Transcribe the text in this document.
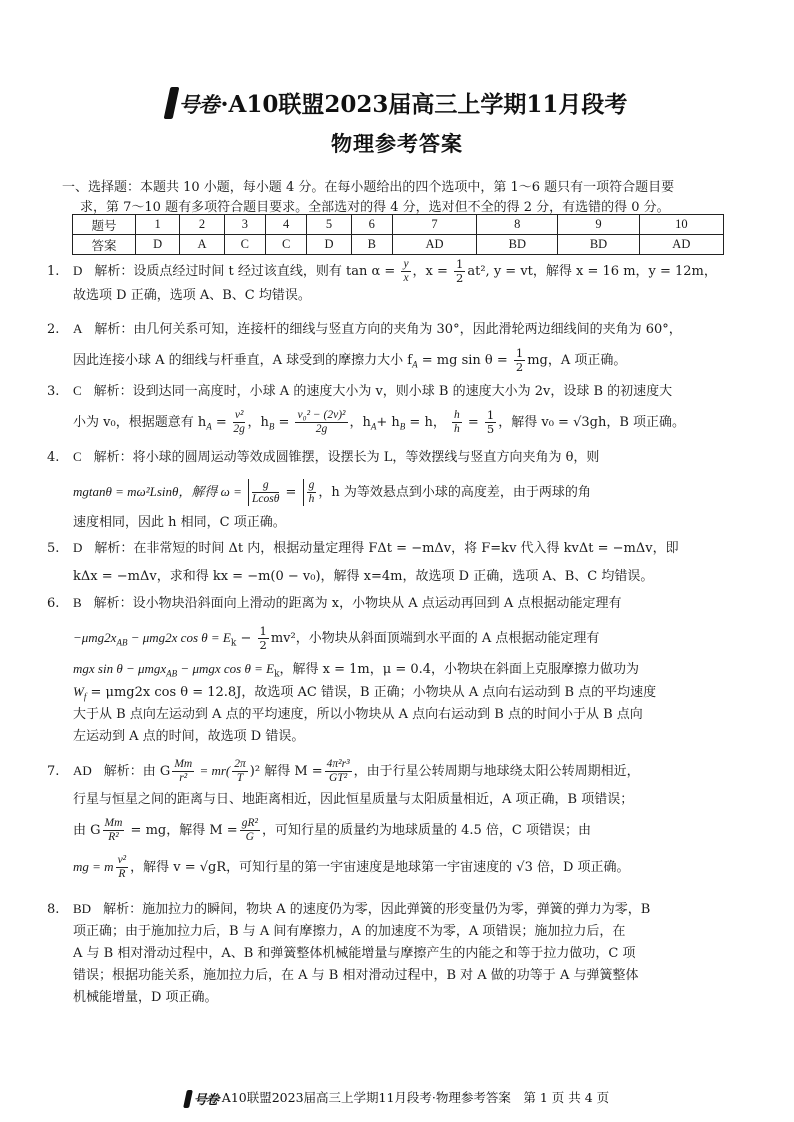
号卷 ·A10联盟2023届高三上学期11月段考
物理参考答案
一、选择题：本题共 10 小题，每小题 4 分。在每小题给出的四个选项中，第 1～6 题只有一项符合题目要
求，第 7～10 题有多项符合题目要求。全部选对的得 4 分，选对但不全的得 2 分，有选错的得 0 分。
题号	1	2	3	4	5	6	7	8	9	10
答案	D	A	C	C	D	B	AD	BD	BD	AD
1. D 解析：设质点经过时间 t 经过该直线，则有 $\tan \alpha = \frac{y}{x}$ ，$x = \frac{1}{2} at^2$, y = vt，解得 x = 16 m，y = 12m，
故选项 D 正确，选项 A、B、C 均错误。
2. A 解析：由几何关系可知，连接杆的细线与竖直方向的夹角为 30°，因此滑轮两边细线间的夹角为 60°，
因此连接小球 A 的细线与杆垂直，A 球受到的摩擦力大小 $f_A$ = mg $\sin \theta = \frac{1}{2}$ mg，A 项正确。
3. C 解析：设到达同一高度时，小球 A 的速度大小为 v，则小球 B 的速度大小为 2v，设球 B 的初速度大
小为 v₀，根据题意有 $h_A = \frac{\text{v²}}{2g}$ ，$h_B = \frac{\text{v₀² − (2v)²}}{2g}$ ，$h_A+ h_B = h$， $\frac{h}{h} = \frac{1}{5}$ ，解得 v₀ = √3gh，B 项正确。
4. C 解析：将小球的圆周运动等效成圆锥摆，设摆长为 L，等效摆线与竖直方向夹角为 θ，则
mgtanθ = mω²Lsinθ，解得 $\omega = \frac{g}{Lcos\theta} = \frac{g}{h}$ ，h 为等效悬点到小球的高度差，由于两球的角
速度相同，因此 h 相同，C 项正确。
5. D 解析：在非常短的时间 Δt 内，根据动量定理得 FΔt = −mΔv，将 F=kv 代入得 kvΔt = −mΔv，即
kΔx = −mΔv，求和得 kx = −m(0 − v₀)，解得 x=4m，故选项 D 正确，选项 A、B、C 均错误。
6. B 解析：设小物块沿斜面向上滑动的距离为 x，小物块从 A 点运动再回到 A 点根据动能定理有
$-\mu mg2x_{AB} - \mu mg2x$ $\cos \theta = E_k - \frac{1}{2} mv^2$，小物块从斜面顶端到水平面的 A 点根据动能定理有
mgx sin θ − μmgx$_{AB}$ − μmgx $\cos \theta = E_k$，解得 x = 1m，μ = 0.4，小物块在斜面上克服摩擦力做功为
$W_f = \mu mg2x$ cos θ = 12.8J，故选项 AC 错误，B 正确；小物块从 A 点向右运动到 B 点的平均速度
大于从 B 点向左运动到 A 点的平均速度，所以小物块从 A 点向右运动到 B 点的时间小于从 B 点向
左运动到 A 点的时间，故选项 D 错误。
7. AD 解析：由 G $\frac{Mm}{\text{r²}} = mr( \frac{2\pi}{T} )^2$ 解得 $M = \frac{\text{4π²r³}}{\text{GT²}}$ ，由于行星公转周期与地球绕太阳公转周期相近，
行星与恒星之间的距离与日、地距离相近，因此恒星质量与太阳质量相近，A 项正确，B 项错误；
由 G $\frac{Mm}{\text{R²}}$ = mg，解得 $M = \frac{\text{gR²}}{G}$ ，可知行星的质量约为地球质量的 4.5 倍，C 项错误；由
mg = m $\frac{\text{v²}}{R}$ ，解得 v = √gR，可知行星的第一宇宙速度是地球第一宇宙速度的 √3 倍，D 项正确。
8. BD 解析：施加拉力的瞬间，物块 A 的速度仍为零，因此弹簧的形变量仍为零，弹簧的弹力为零，B
项正确；由于施加拉力后，B 与 A 间有摩擦力，A 的加速度不为零，A 项错误；施加拉力后，在
A 与 B 相对滑动过程中，A、B 和弹簧整体机械能增量与摩擦产生的内能之和等于拉力做功，C 项
错误；根据功能关系，施加拉力后，在 A 与 B 相对滑动过程中，B 对 A 做的功等于 A 与弹簧整体
机械能增量，D 项正确。
号卷 ·A10联盟2023届高三上学期11月段考·物理参考答案　第 1 页 共 4 页
